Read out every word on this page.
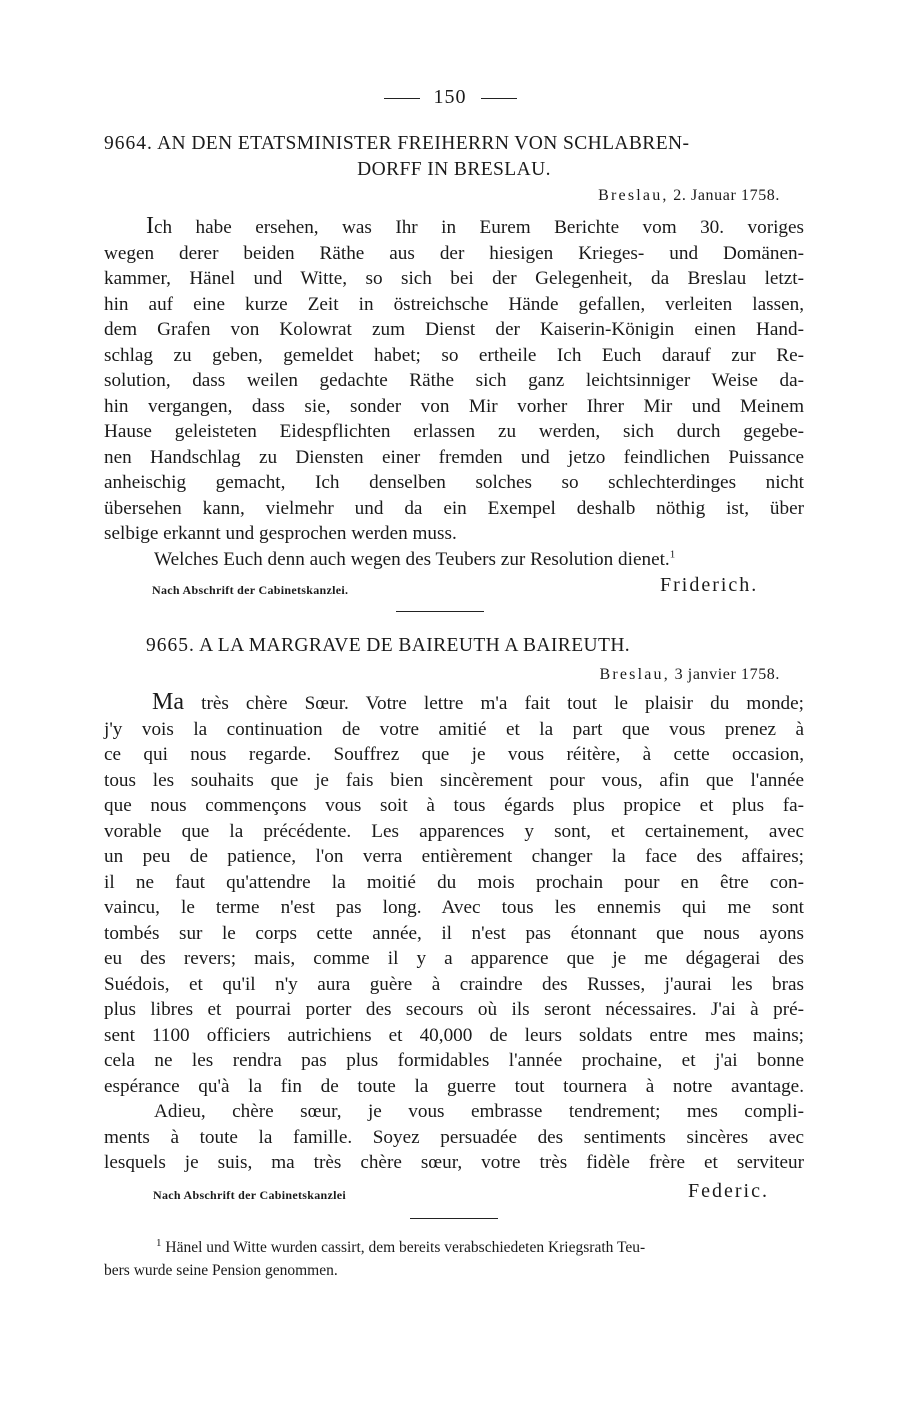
150
9664. AN DEN ETATSMINISTER FREIHERRN VON SCHLABREN-
DORFF IN BRESLAU.
Breslau, 2. Januar 1758.
Ich habe ersehen, was Ihr in Eurem Berichte vom 30. voriges
wegen derer beiden Räthe aus der hiesigen Krieges- und Domänen-
kammer, Hänel und Witte, so sich bei der Gelegenheit, da Breslau letzt-
hin auf eine kurze Zeit in östreichsche Hände gefallen, verleiten lassen,
dem Grafen von Kolowrat zum Dienst der Kaiserin-Königin einen Hand-
schlag zu geben, gemeldet habet; so ertheile Ich Euch darauf zur Re-
solution, dass weilen gedachte Räthe sich ganz leichtsinniger Weise da-
hin vergangen, dass sie, sonder von Mir vorher Ihrer Mir und Meinem
Hause geleisteten Eidespflichten erlassen zu werden, sich durch gegebe-
nen Handschlag zu Diensten einer fremden und jetzo feindlichen Puissance
anheischig gemacht, Ich denselben solches so schlechterdinges nicht
übersehen kann, vielmehr und da ein Exempel deshalb nöthig ist, über
selbige erkannt und gesprochen werden muss.
Welches Euch denn auch wegen des Teubers zur Resolution dienet.$^1$
Nach Abschrift der Cabinetskanzlei.	Friderich.
9665. A LA MARGRAVE DE BAIREUTH A BAIREUTH.
Breslau, 3 janvier 1758.
Ma très chère Sœur. Votre lettre m'a fait tout le plaisir du monde;
j'y vois la continuation de votre amitié et la part que vous prenez à
ce qui nous regarde. Souffrez que je vous réitère, à cette occasion,
tous les souhaits que je fais bien sincèrement pour vous, afin que l'année
que nous commençons vous soit à tous égards plus propice et plus fa-
vorable que la précédente. Les apparences y sont, et certainement, avec
un peu de patience, l'on verra entièrement changer la face des affaires;
il ne faut qu'attendre la moitié du mois prochain pour en être con-
vaincu, le terme n'est pas long. Avec tous les ennemis qui me sont
tombés sur le corps cette année, il n'est pas étonnant que nous ayons
eu des revers; mais, comme il y a apparence que je me dégagerai des
Suédois, et qu'il n'y aura guère à craindre des Russes, j'aurai les bras
plus libres et pourrai porter des secours où ils seront nécessaires. J'ai à pré-
sent 1100 officiers autrichiens et 40,000 de leurs soldats entre mes mains;
cela ne les rendra pas plus formidables l'année prochaine, et j'ai bonne
espérance qu'à la fin de toute la guerre tout tournera à notre avantage.
Adieu, chère sœur, je vous embrasse tendrement; mes compli-
ments à toute la famille. Soyez persuadée des sentiments sincères avec
lesquels je suis, ma très chère sœur, votre très fidèle frère et serviteur
Nach Abschrift der Cabinetskanzlei	Federic.
$^1$ Hänel und Witte wurden cassirt, dem bereits verabschiedeten Kriegsrath Teu-
bers wurde seine Pension genommen.
